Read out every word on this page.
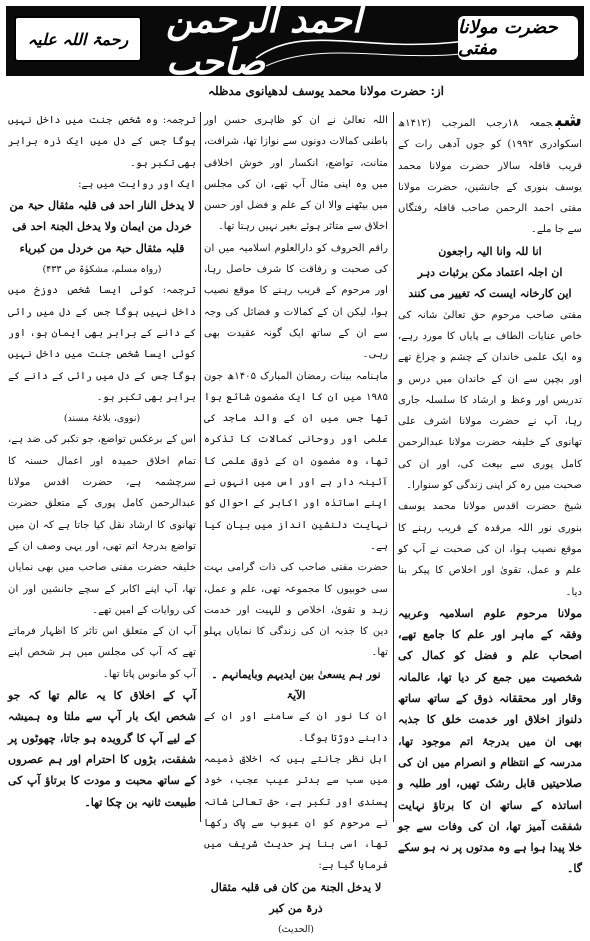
حضرت مولانا مفتی
احمد الرحمن صاحب
رحمۃ اللہ علیہ
از: حضرت مولانا محمد یوسف لدھیانوی مدظلہ

شبجمعہ ۱۸رجب المرجب (۱۴۱۲ھ اسکوادری ۱۹۹۲) کو جوں آدھی رات کے قریب قافلہ سالار حضرت مولانا محمد یوسف بنوری کے جانشین، حضرت مولانا مفتی احمد الرحمن صاحب قافلہ رفتگاں سے جا ملے۔

انا للہ وانا الیہ راجعون

ان اجلہ اعتماد مکن برثبات دہر

این کارخانہ ایست کہ تغییر می کنند

مفتی صاحب مرحوم حق تعالیٰ شانہ کی خاص عنایات الطاف بے پایاں کا مورد رہے، وہ ایک علمی خاندان کے چشم و چراغ تھے اور بچپن سے ان کے خاندان میں درس و تدریس اور وعظ و ارشاد کا سلسلہ جاری رہا، آپ نے حضرت مولانا اشرف علی تھانوی کے خلیفہ حضرت مولانا عبدالرحمن کامل پوری سے بیعت کی، اور ان کی صحبت میں رہ کر اپنی زندگی کو سنوارا۔

شیخ حضرت اقدس مولانا محمد یوسف بنوری نور اللہ مرقدہ کے قریب رہنے کا موقع نصیب ہوا، ان کی صحبت نے آپ کو علم و عمل، تقویٰ اور اخلاص کا پیکر بنا دیا۔

مولانا مرحوم علوم اسلامیہ وعربیہ وفقہ کے ماہر اور علم کا جامع تھے، اصحاب علم و فضل کو کمال کی شخصیت میں جمع کر دیا تھا، عالمانہ وقار اور محققانہ ذوق کے ساتھ ساتھ دلنواز اخلاق اور خدمت خلق کا جذبہ بھی ان میں بدرجۂ اتم موجود تھا، مدرسہ کے انتظام و انصرام میں ان کی صلاحیتیں قابل رشک تھیں، اور طلبہ و اساتذہ کے ساتھ ان کا برتاؤ نہایت شفقت آمیز تھا، ان کی وفات سے جو خلا پیدا ہوا ہے وہ مدتوں پر نہ ہو سکے گا۔

اللہ تعالیٰ نے ان کو ظاہری حسن اور باطنی کمالات دونوں سے نوازا تھا، شرافت، متانت، تواضع، انکسار اور خوش اخلاقی میں وہ اپنی مثال آپ تھے، ان کی مجلس میں بیٹھنے والا ان کے علم و فضل اور حسن اخلاق سے متاثر ہوئے بغیر نہیں رہتا تھا۔

راقم الحروف کو دارالعلوم اسلامیہ میں ان کی صحبت و رفاقت کا شرف حاصل رہا، اور مرحوم کے قریب رہنے کا موقع نصیب ہوا، لیکن ان کے کمالات و فضائل کی وجہ سے ان کے ساتھ ایک گونہ عقیدت بھی رہی۔

ماہنامہ بینات رمضان المبارک ۱۴۰۵ھ جون ۱۹۸۵ میں ان کا ایک مضمون شائع ہوا تھا جس میں ان کے والد ماجد کی علمی اور روحانی کمالات کا تذکرہ تھا، وہ مضمون ان کے ذوق علمی کا آئینہ دار ہے اور اس میں انہوں نے اپنے اساتذہ اور اکابر کے احوال کو نہایت دلنشین انداز میں بیان کیا ہے۔

حضرت مفتی صاحب کی ذات گرامی بہت سی خوبیوں کا مجموعہ تھی، علم و عمل، زہد و تقویٰ، اخلاص و للہیت اور خدمت دین کا جذبہ ان کی زندگی کا نمایاں پہلو تھا۔

نور ہم یسعیٰ بین ایدیہم وبایمانہم ۔ الآیۃ

ان کا نور ان کے سامنے اور ان کے داہنے دوڑتا ہوگا۔

اہل نظر جانتے ہیں کہ اخلاق ذمیمہ میں سب سے بدتر عیب عجب، خود پسندی اور تکبر ہے، حق تعالیٰ شانہ نے مرحوم کو ان عیوب سے پاک رکھا تھا، اسی بنا پر حدیث شریف میں فرمایا گیا ہے:

لا یدخل الجنۃ من کان فی قلبہ مثقال ذرۃ من کبر

(الحدیث)

ترجمہ: وہ شخص جنت میں داخل نہیں ہوگا جس کے دل میں ایک ذرہ برابر بھی تکبر ہو۔

ایک اور روایت میں ہے:

لا یدخل النار احد فی قلبہ مثقال حبۃ من خردل من ایمان ولا یدخل الجنۃ احد فی قلبہ مثقال حبۃ من خردل من کبریاء

(رواہ مسلم، مشکوٰۃ ص ۴۳۳)

ترجمہ: کوئی ایسا شخص دوزخ میں داخل نہیں ہوگا جس کے دل میں رائی کے دانے کے برابر بھی ایمان ہو، اور کوئی ایسا شخص جنت میں داخل نہیں ہوگا جس کے دل میں رائی کے دانے کے برابر بھی تکبر ہو۔

(نووی، بلاغۃ مسند)

اس کے برعکس تواضع، جو تکبر کی ضد ہے، تمام اخلاق حمیدہ اور اعمال حسنہ کا سرچشمہ ہے، حضرت اقدس مولانا عبدالرحمن کامل پوری کے متعلق حضرت تھانوی کا ارشاد نقل کیا جاتا ہے کہ ان میں تواضع بدرجۂ اتم تھی، اور یہی وصف ان کے خلیفہ حضرت مفتی صاحب میں بھی نمایاں تھا، آپ اپنے اکابر کے سچے جانشین اور ان کی روایات کے امین تھے۔

آپ ان کے متعلق اس تاثر کا اظہار فرماتے تھے کہ آپ کی مجلس میں ہر شخص اپنے آپ کو مانوس پاتا تھا۔

آپ کے اخلاق کا یہ عالم تھا کہ جو شخص ایک بار آپ سے ملتا وہ ہمیشہ کے لیے آپ کا گرویدہ ہو جاتا، چھوٹوں پر شفقت، بڑوں کا احترام اور ہم عصروں کے ساتھ محبت و مودت کا برتاؤ آپ کی طبیعت ثانیہ بن چکا تھا۔
